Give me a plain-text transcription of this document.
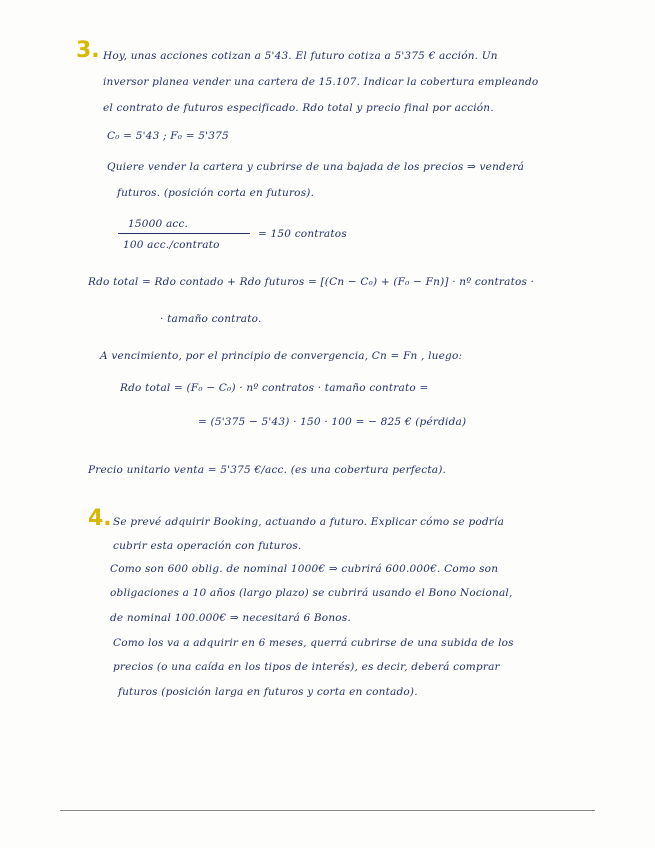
3. Hoy, unas acciones cotizan a 5'43. El futuro cotiza a 5'375 € acción. Un
inversor planea vender una cartera de 15.107. Indicar la cobertura empleando
el contrato de futuros especificado. Rdo total y precio final por acción.
C₀ = 5'43 ; F₀ = 5'375
Quiere vender la cartera y cubrirse de una bajada de los precios ⇒ venderá
futuros. (posición corta en futuros).
15000 acc.
100 acc./contrato
= 150 contratos
Rdo total = Rdo contado + Rdo futuros = [(Cn − C₀) + (F₀ − Fn)] · nº contratos ·
· tamaño contrato.
A vencimiento, por el principio de convergencia, Cn = Fn , luego:
Rdo total = (F₀ − C₀) · nº contratos · tamaño contrato =
= (5'375 − 5'43) · 150 · 100 = − 825 € (pérdida)
Precio unitario venta = 5'375 €/acc. (es una cobertura perfecta).
4. Se prevé adquirir Booking, actuando a futuro. Explicar cómo se podría
cubrir esta operación con futuros.
Como son 600 oblig. de nominal 1000€ ⇒ cubrirá 600.000€. Como son
obligaciones a 10 años (largo plazo) se cubrirá usando el Bono Nocional,
de nominal 100.000€ ⇒ necesitará 6 Bonos.
Como los va a adquirir en 6 meses, querrá cubrirse de una subida de los
precios (o una caída en los tipos de interés), es decir, deberá comprar
futuros (posición larga en futuros y corta en contado).
